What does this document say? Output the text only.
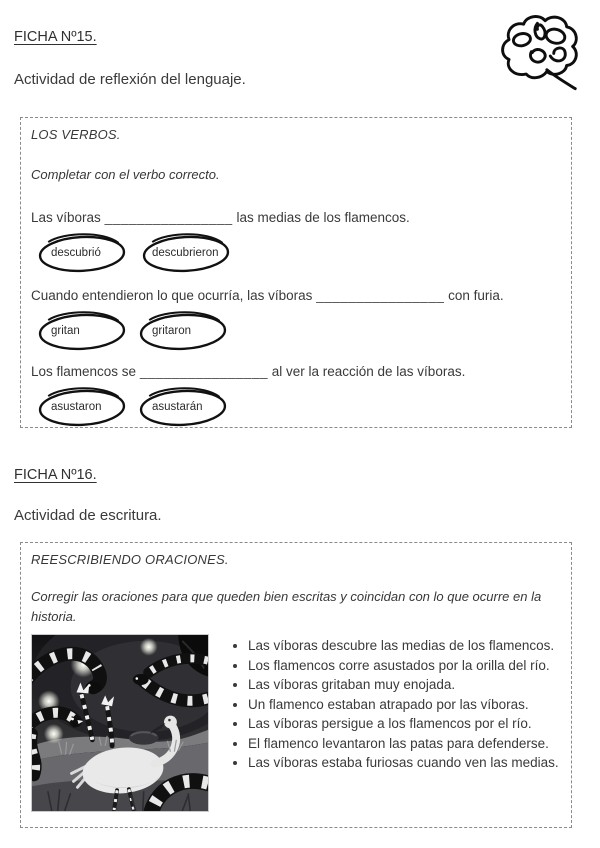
FICHA Nº15.
Actividad de reflexión del lenguaje.
LOS VERBOS.
Completar con el verbo correcto.

Las víboras ________________ las medias de los flamencos.

descubrió	descubrieron

Cuando entendieron lo que ocurría, las víboras ________________ con furia.

gritan	gritaron

Los flamencos se ________________ al ver la reacción de las víboras.

asustaron	asustarán
FICHA Nº16.
Actividad de escritura.
REESCRIBIENDO ORACIONES.
Corregir las oraciones para que queden bien escritas y coincidan con lo que ocurre en la historia.
• Las víboras descubre las medias de los flamencos.
• Los flamencos corre asustados por la orilla del río.
• Las víboras gritaban muy enojada.
• Un flamenco estaban atrapado por las víboras.
• Las víboras persigue a los flamencos por el río.
• El flamenco levantaron las patas para defenderse.
• Las víboras estaba furiosas cuando ven las medias.
